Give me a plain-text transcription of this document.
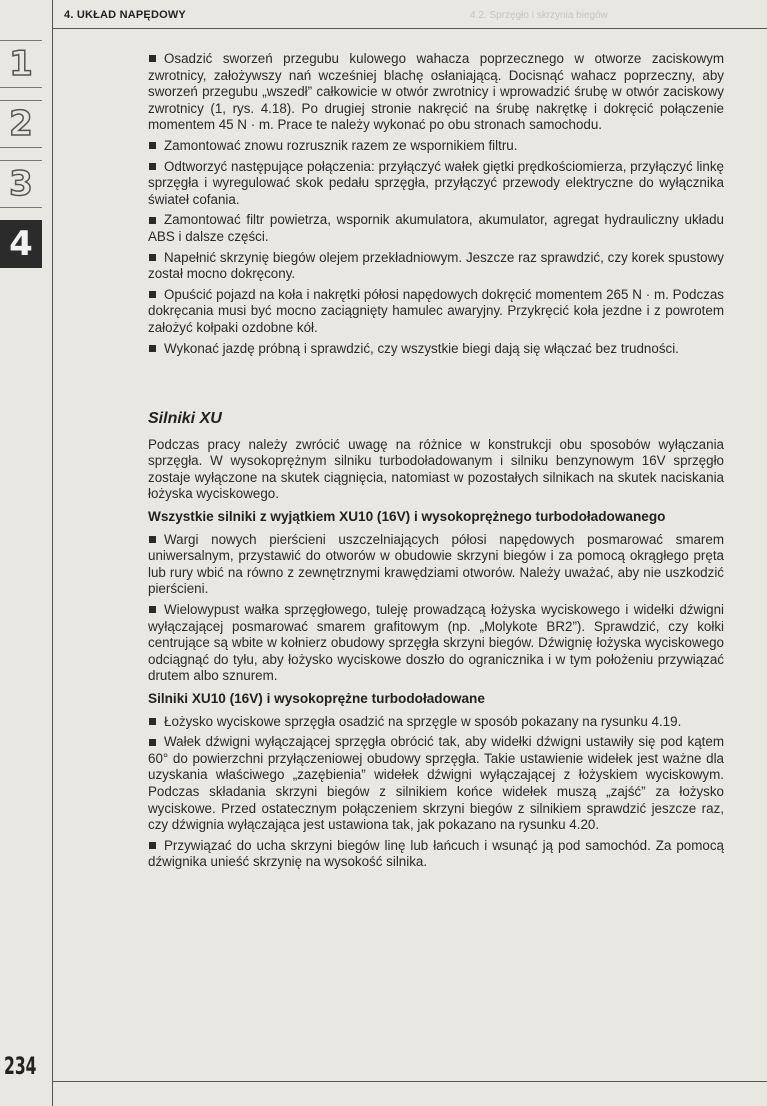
4. UKŁAD NAPĘDOWY	4.2. Sprzęgło i skrzynia biegów
1
2
3
4
234

Osadzić sworzeń przegubu kulowego wahacza poprzecznego w otworze zaciskowym zwrotnicy, założywszy nań wcześniej blachę osłaniającą. Docisnąć wahacz poprzeczny, aby sworzeń przegubu „wszedł” całkowicie w otwór zwrotnicy i wprowadzić śrubę w otwór zaciskowy zwrotnicy (1, rys. 4.18). Po drugiej stronie nakręcić na śrubę nakrętkę i dokręcić połączenie momentem 45 N · m. Prace te należy wykonać po obu stronach samochodu.

Zamontować znowu rozrusznik razem ze wspornikiem filtru.

Odtworzyć następujące połączenia: przyłączyć wałek giętki prędkościomierza, przyłączyć linkę sprzęgła i wyregulować skok pedału sprzęgła, przyłączyć przewody elektryczne do wyłącznika świateł cofania.

Zamontować filtr powietrza, wspornik akumulatora, akumulator, agregat hydrauliczny układu ABS i dalsze części.

Napełnić skrzynię biegów olejem przekładniowym. Jeszcze raz sprawdzić, czy korek spustowy został mocno dokręcony.

Opuścić pojazd na koła i nakrętki półosi napędowych dokręcić momentem 265 N · m. Podczas dokręcania musi być mocno zaciągnięty hamulec awaryjny. Przykręcić koła jezdne i z powrotem założyć kołpaki ozdobne kół.

Wykonać jazdę próbną i sprawdzić, czy wszystkie biegi dają się włączać bez trudności.

Silniki XU

Podczas pracy należy zwrócić uwagę na różnice w konstrukcji obu sposobów wyłączania sprzęgła. W wysokoprężnym silniku turbodoładowanym i silniku benzynowym 16V sprzęgło zostaje wyłączone na skutek ciągnięcia, natomiast w pozostałych silnikach na skutek naciskania łożyska wyciskowego.

Wszystkie silniki z wyjątkiem XU10 (16V) i wysokoprężnego turbodoładowanego

Wargi nowych pierścieni uszczelniających półosi napędowych posmarować smarem uniwersalnym, przystawić do otworów w obudowie skrzyni biegów i za pomocą okrągłego pręta lub rury wbić na równo z zewnętrznymi krawędziami otworów. Należy uważać, aby nie uszkodzić pierścieni.

Wielowypust wałka sprzęgłowego, tuleję prowadzącą łożyska wyciskowego i widełki dźwigni wyłączającej posmarować smarem grafitowym (np. „Molykote BR2”). Sprawdzić, czy kołki centrujące są wbite w kołnierz obudowy sprzęgła skrzyni biegów. Dźwignię łożyska wyciskowego odciągnąć do tyłu, aby łożysko wyciskowe doszło do ogranicznika i w tym położeniu przywiązać drutem albo sznurem.

Silniki XU10 (16V) i wysokoprężne turbodoładowane

Łożysko wyciskowe sprzęgła osadzić na sprzęgle w sposób pokazany na rysunku 4.19.

Wałek dźwigni wyłączającej sprzęgła obrócić tak, aby widełki dźwigni ustawiły się pod kątem 60° do powierzchni przyłączeniowej obudowy sprzęgła. Takie ustawienie widełek jest ważne dla uzyskania właściwego „zazębienia” widełek dźwigni wyłączającej z łożyskiem wyciskowym. Podczas składania skrzyni biegów z silnikiem końce widełek muszą „zajść” za łożysko wyciskowe. Przed ostatecznym połączeniem skrzyni biegów z silnikiem sprawdzić jeszcze raz, czy dźwignia wyłączająca jest ustawiona tak, jak pokazano na rysunku 4.20.

Przywiązać do ucha skrzyni biegów linę lub łańcuch i wsunąć ją pod samochód. Za pomocą dźwignika unieść skrzynię na wysokość silnika.
